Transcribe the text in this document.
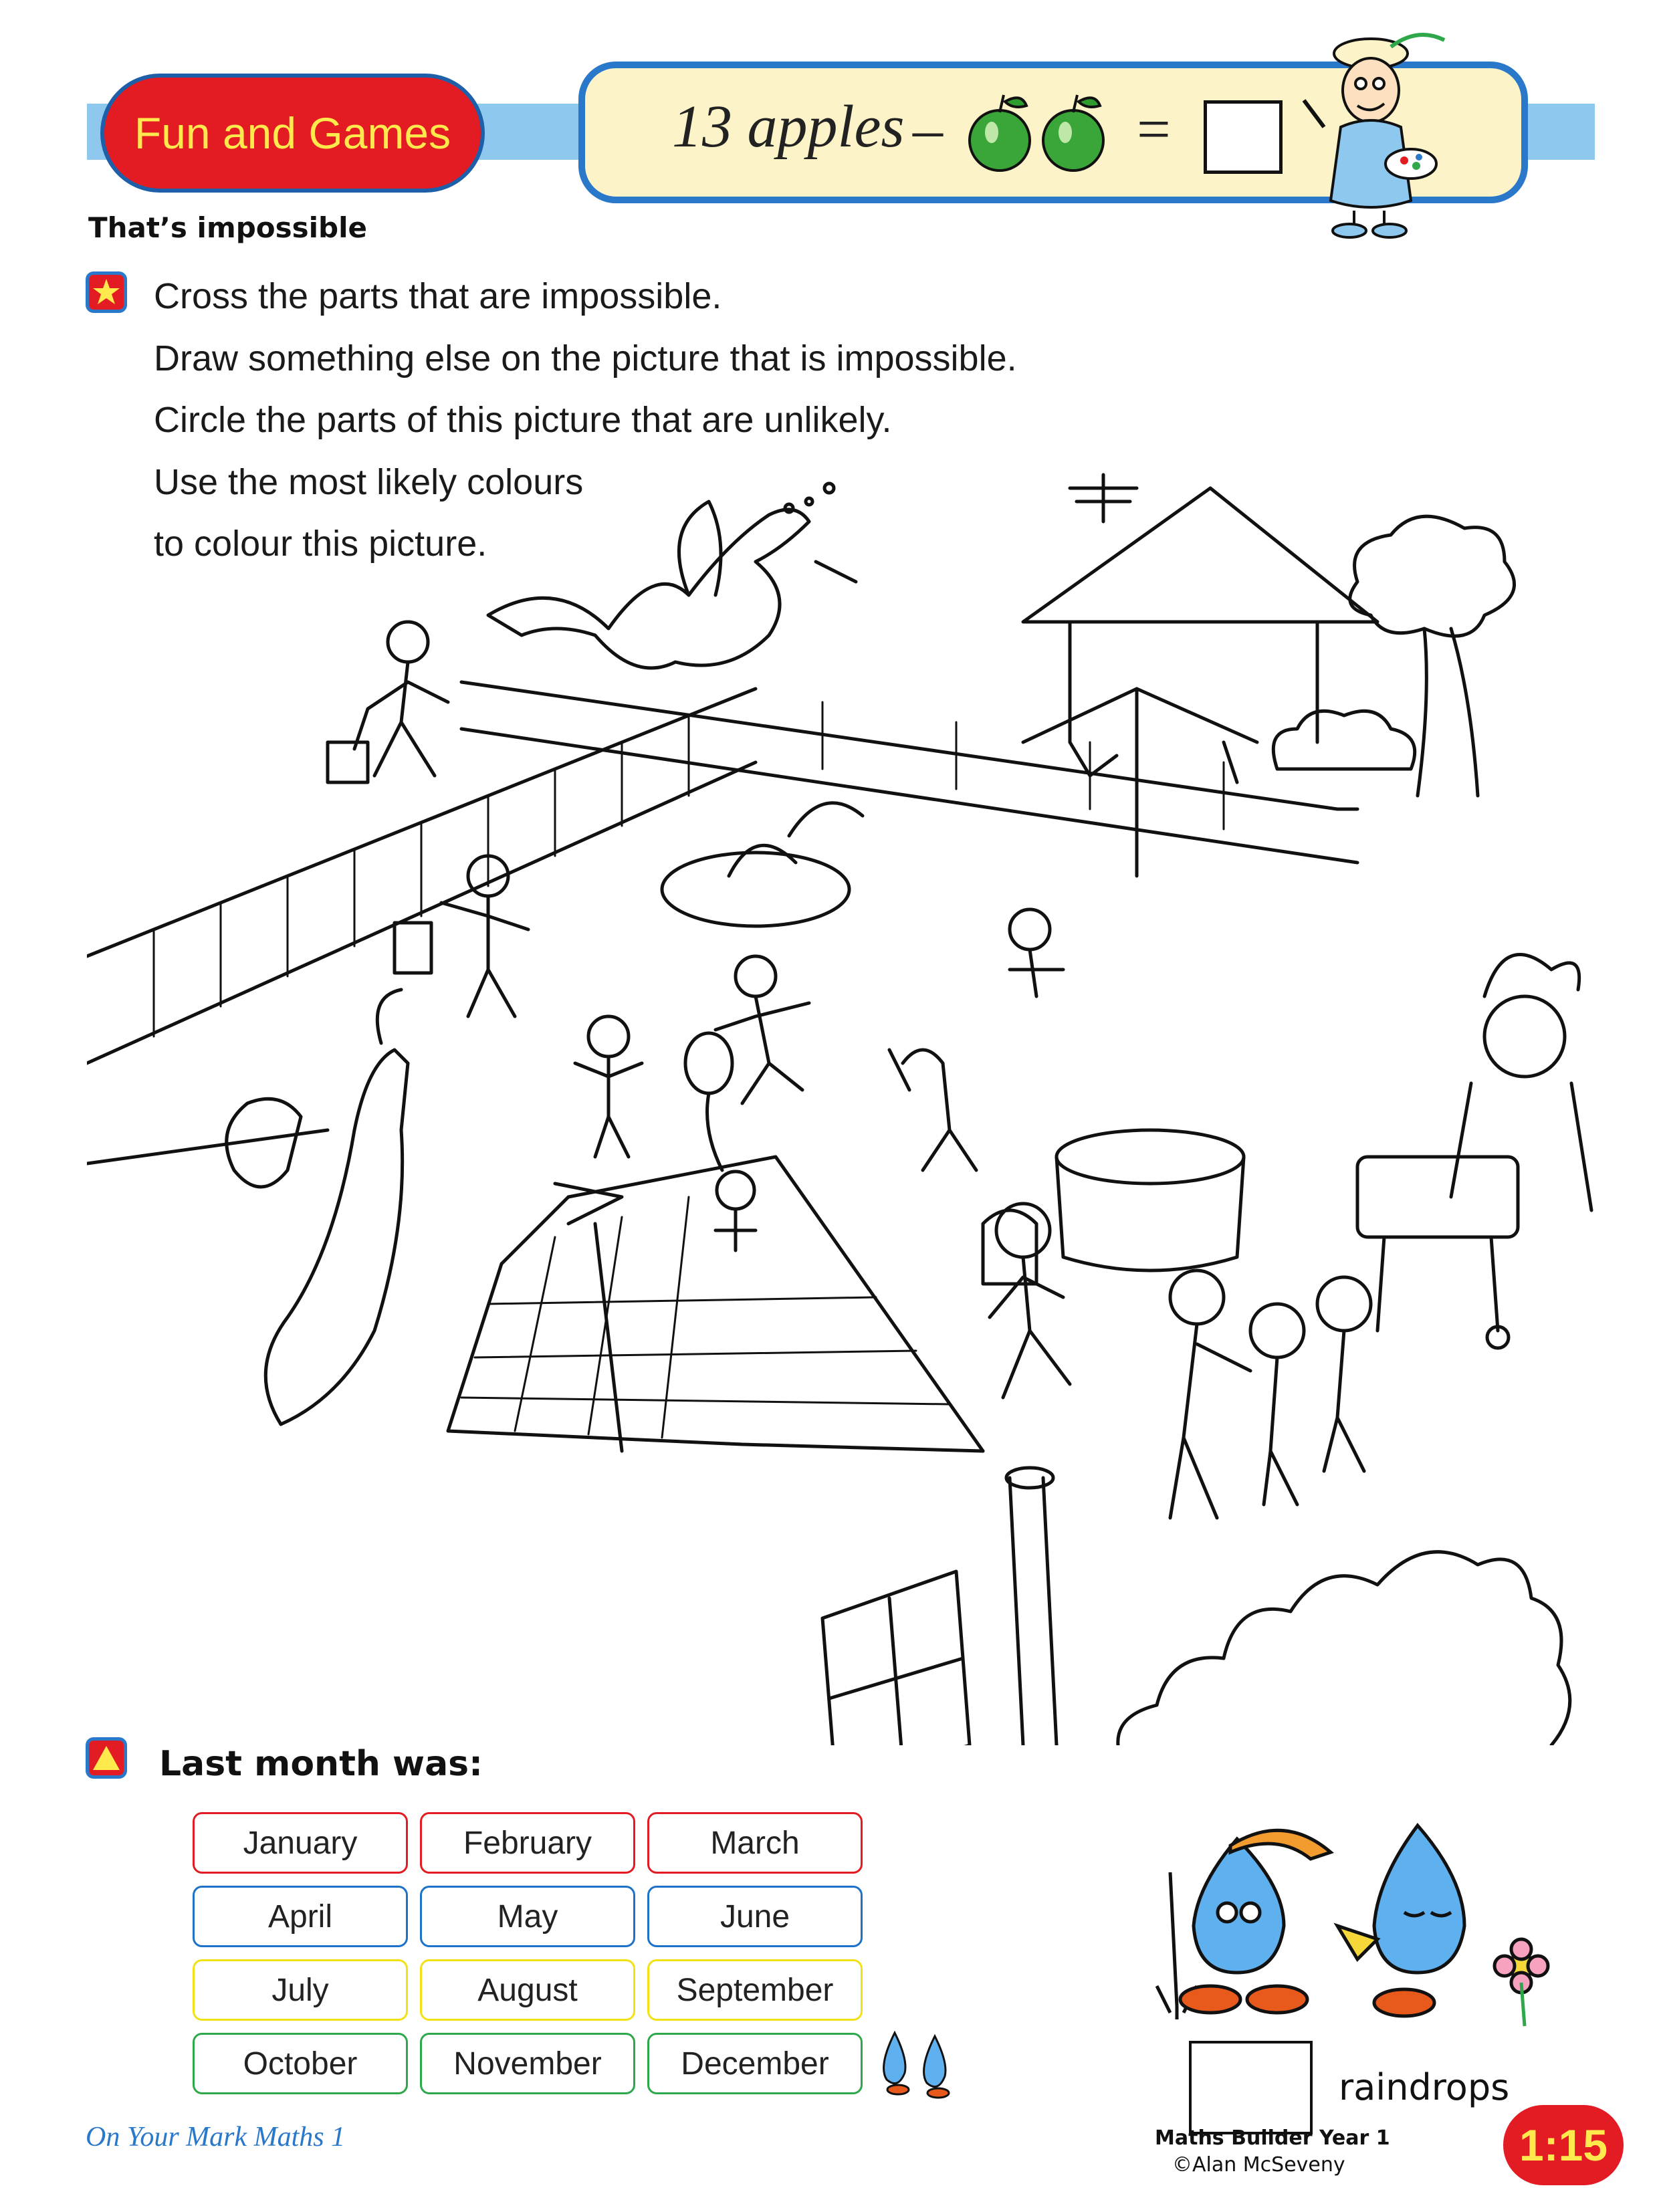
Fun and Games	13 apples –	=
That’s impossible
Cross the parts that are impossible.
Draw something else on the picture that is impossible.
Circle the parts of this picture that are unlikely.
Use the most likely colours
to colour this picture.
Last month was:
January	February	March
April	May	June
July	August	September
October	November	December
raindrops
On Your Mark Maths 1	Maths Builder Year 1
©Alan McSeveny	1:15
